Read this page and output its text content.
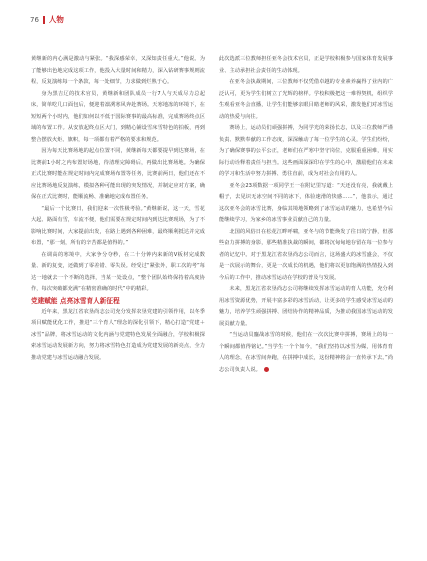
76 人物

黄继新的内心满是激动与紧张。“我深感荣幸，又深知责任重大。”他说。为了能够出色地完成这项工作，他投入大量时间和精力，深入钻研赛事规则流程，反复演练每一个条款，每一处细节，力求做到烂熟于心。

身为黑吉辽的技术官员，黄继新和团队成员一行7人与天成尽力总起床，简单吃几口面包后，便迎着凛冽寒风奔赴赛场。天寒地冻的环境下，在短短两个小时内，他们如何以不低于国际赛事的最高标准，完成赛场终点区域的布置工作。从安放起终点区大门，到精心铺设雪床雪特色的拍板，再到整合摆放火炬、旗帜，每一项都有着严格的要求和规范。

因为每天比赛场地的起点位置不同，黄继新每天都要提早到达赛场，在比赛前1小时之内布置好场地，待清理完障碍后，再做出比赛场地。为确保正式比赛时能在规定时间内完成赛场布置等任务，比赛前两日，他们还在不应比赛场地反复演练，模拟各种可能出现的突发情况，并制定应对方案，确保在正式比赛时，能顺流畅、准确地完成布置任务。

“最后一个比赛日，我们迎来一次性极考验。”黄继新说，这一天，雪花大起、路面有雪，车流不便，他们需要在规定时间内到达比赛现场，为了不影响比赛时间，大家提前出发，在路上遇到各种困难，最终顺利抵达并完成布置，“那一刻，所有的辛苦都是值得的。”

在调高的寒境中，大家争分夺秒，在二十分钟内来新的V板材完成数量、新的复变，还做到了零差错、零失误。经受过“紧张外，职工次的考”每达一地就去一个不断的选择，当某一处设点，“整个团队始终保持着高度协作，每次突破都充满“在精密准确的时代”中的精彩。

党建赋能 点亮冰雪育人新征程

近年来，黑龙江省农垦尚志公司充分发挥农垦党建的引领作用，以冬季项目赋能优化工作，推进“三个育人”理念的深化引领下，精心打造“党建＋冰雪”品牌，将冰雪运动的文化内涵与党建特色发展全面融合，学校积极探索冰雪运动发展新方向，努力将冰雪特色打造成为党建发展的新亮点，全力推动党建与冰雪运动融合发展。

此次选派三位教师担任亚冬会技术官员，正是学校积极参与国家体育发展事业、主动承担社会责任的生动体现。

在亚冬会执裁期间，三位教师不仅凭借卓越的专业素养赢得了业内的广泛认可，更为学生们树立了光辉的榜样。学校积极把这一难得契机，组织学生观看亚冬会直播，让学生们能够亲眼目睹老师的风采，激发他们对冰雪运动的热爱与向往。

赛场上，运动员们顽强拼搏，为同学光的荣扬长志，以及三位教师严谨负责、默默奉献的工作态度，深深触动了每一位学生的心灵，学生们纷纷，为了确保赛事的公平公正，老师们在严寒中坚守岗位，克服重重困难，用实际行动诠释着责任与担当。这些画面深深印在学生的心中，激励他们在未来的学习和生活中努力拼搏、勇往直前，成为对社会有用的人。

亚冬会23项数据一项同学王一在附记里写道：“天还没有亮，我就戴上帽子，去见识无冰空间不同的冰下，体验速滑的快感……”，他表示，通过这次亚冬会的冰雪比赛，身临其境地领略到了冰雪运动的魅力，也希望今后能继续学习，为家乡的冰雪事业贡献自己的力量。

北国的风俗日在松花江畔呼啸，亚冬与的节能焕发了往日的宁静，但那些奋力拼搏的身影，那些精准执裁的瞬间，都将沉甸甸地存留在每一位参与者的记忆中。对于黑龙江省农垦尚志公司而言，这场盛大的冰雪盛会，不仅是一次展示的舞台，更是一次成长的机遇，他们将以更加饱满的热情投入到今后的工作中，推动冰雪运动在学校的普及与发展。

未来，黑龙江省农垦尚志公司将继续发挥冰雪运动的育人功能，充分利用冰雪资源优势，开展丰富多彩的冰雪活动，让更多的学生感受冰雪运动的魅力，培养学生顽强拼搏、团结协作的精神品质，为推动我国冰雪运动的发展贡献力量。

“当运动员鏖战冰雪的时候，他们在一次次比赛中拼搏，赛场上的每一个瞬间都值得铭记。”当学生一个个如今，“我们坚持以冰雪为媒，用体育育人的理念，在冰雪间奔跑，在拼搏中成长，这份精神将会一直传承下去。”尚志公司负责人说。
